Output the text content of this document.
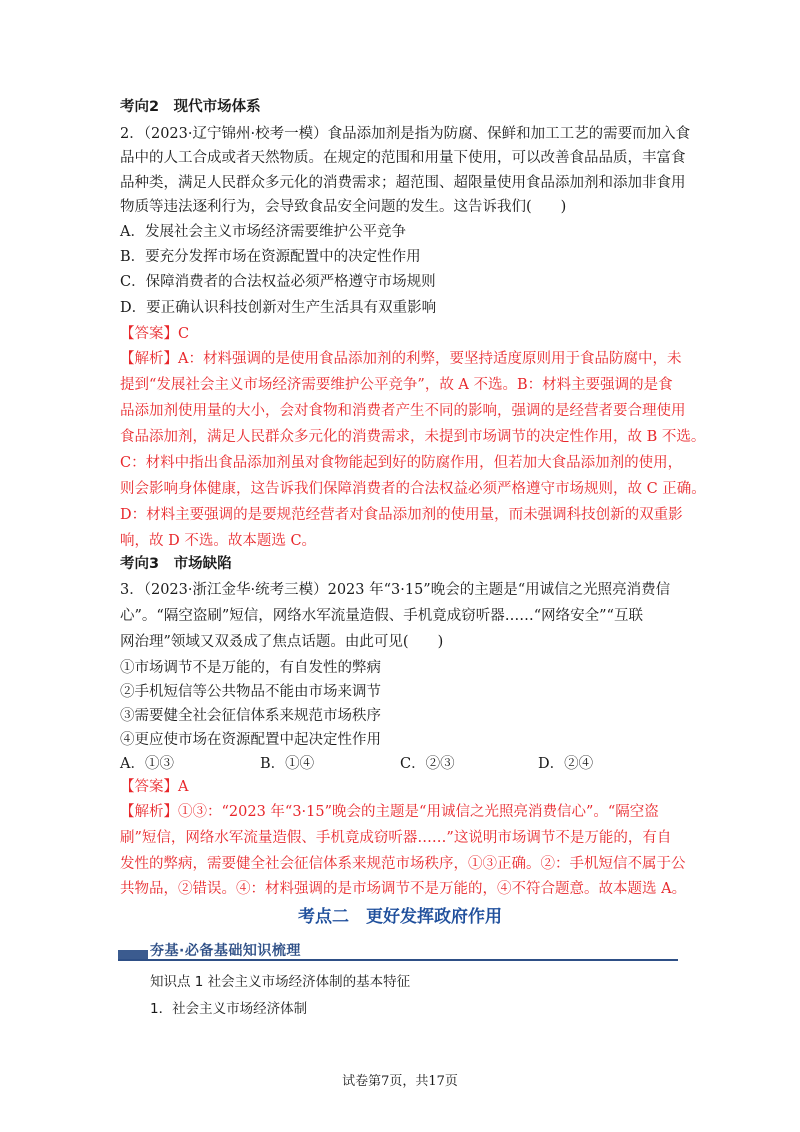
考向2　现代市场体系
2．（2023·辽宁锦州·校考一模）食品添加剂是指为防腐、保鲜和加工工艺的需要而加入食
品中的人工合成或者天然物质。在规定的范围和用量下使用，可以改善食品品质，丰富食
品种类，满足人民群众多元化的消费需求；超范围、超限量使用食品添加剂和添加非食用
物质等违法逐利行为，会导致食品安全问题的发生。这告诉我们(　　)
A．发展社会主义市场经济需要维护公平竞争
B．要充分发挥市场在资源配置中的决定性作用
C．保障消费者的合法权益必须严格遵守市场规则
D．要正确认识科技创新对生产生活具有双重影响
【答案】C
【解析】A：材料强调的是使用食品添加剂的利弊，要坚持适度原则用于食品防腐中，未
提到“发展社会主义市场经济需要维护公平竞争”，故 A 不选。B：材料主要强调的是食
品添加剂使用量的大小，会对食物和消费者产生不同的影响，强调的是经营者要合理使用
食品添加剂，满足人民群众多元化的消费需求，未提到市场调节的决定性作用，故 B 不选。
C：材料中指出食品添加剂虽对食物能起到好的防腐作用，但若加大食品添加剂的使用，
则会影响身体健康，这告诉我们保障消费者的合法权益必须严格遵守市场规则，故 C 正确。
D：材料主要强调的是要规范经营者对食品添加剂的使用量，而未强调科技创新的双重影
响，故 D 不选。故本题选 C。
考向3　市场缺陷
3．（2023·浙江金华·统考三模）2023 年“3·15”晚会的主题是“用诚信之光照亮消费信
心”。“隔空盗刷”短信，网络水军流量造假、手机竟成窃听器……“网络安全”“互联
网治理”领域又双叒成了焦点话题。由此可见(　　)
①市场调节不是万能的，有自发性的弊病
②手机短信等公共物品不能由市场来调节
③需要健全社会征信体系来规范市场秩序
④更应使市场在资源配置中起决定性作用
A．①③	B．①④	C．②③	D．②④
【答案】A
【解析】①③：“2023 年“3·15”晚会的主题是“用诚信之光照亮消费信心”。“隔空盗
刷”短信，网络水军流量造假、手机竟成窃听器……”这说明市场调节不是万能的，有自
发性的弊病，需要健全社会征信体系来规范市场秩序，①③正确。②：手机短信不属于公
共物品，②错误。④：材料强调的是市场调节不是万能的，④不符合题意。故本题选 A。
考点二　更好发挥政府作用
夯基·必备基础知识梳理
知识点 1 社会主义市场经济体制的基本特征
1．社会主义市场经济体制
试卷第7页，共17页
